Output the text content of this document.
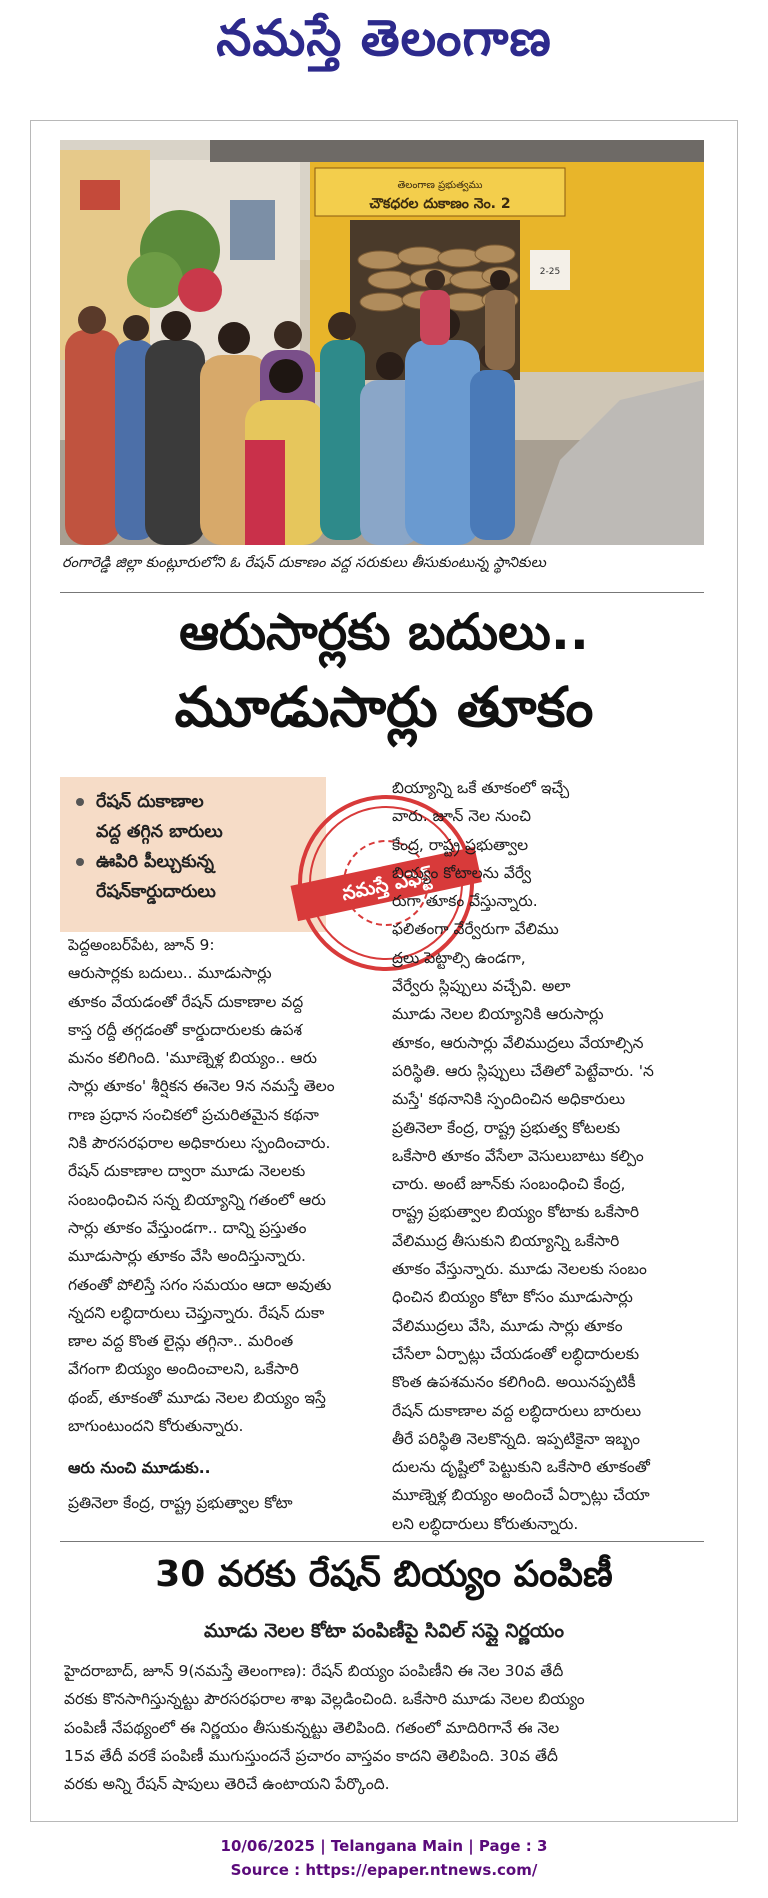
నమస్తే తెలంగాణ
తెలంగాణ ప్రభుత్వము
చౌకధరల దుకాణం నెం. 2
2-25
రంగారెడ్డి జిల్లా కుంట్లూరులోని ఓ రేషన్ దుకాణం వద్ద సరుకులు తీసుకుంటున్న స్థానికులు
ఆరుసార్లకు బదులు..
మూడుసార్లు తూకం
రేషన్ దుకాణాల
వద్ద తగ్గిన బారులు
ఊపిరి పీల్చుకున్న
రేషన్‌కార్డుదారులు	నమస్తే ఎఫెక్ట్
పెద్దఅంబర్‌పేట, జూన్ 9:
ఆరుసార్లకు బదులు.. మూడుసార్లు
తూకం వేయడంతో రేషన్ దుకాణాల వద్ద
కాస్త రద్దీ తగ్గడంతో కార్డుదారులకు ఉపశ
మనం కలిగింది. 'మూణ్నెళ్ల బియ్యం.. ఆరు
సార్లు తూకం' శీర్షికన ఈనెల 9న నమస్తే తెలం
గాణ ప్రధాన సంచికలో ప్రచురితమైన కథనా
నికి పౌరసరఫరాల అధికారులు స్పందించారు.
రేషన్ దుకాణాల ద్వారా మూడు నెలలకు
సంబంధించిన సన్న బియ్యాన్ని గతంలో ఆరు
సార్లు తూకం వేస్తుండగా.. దాన్ని ప్రస్తుతం
మూడుసార్లు తూకం వేసి అందిస్తున్నారు.
గతంతో పోలిస్తే సగం సమయం ఆదా అవుతు
న్నదని లబ్ధిదారులు చెప్తున్నారు. రేషన్ దుకా
ణాల వద్ద కొంత లైన్లు తగ్గినా.. మరింత
వేగంగా బియ్యం అందించాలని, ఒకేసారి
థంబ్, తూకంతో మూడు నెలల బియ్యం ఇస్తే
బాగుంటుందని కోరుతున్నారు.
ఆరు నుంచి మూడుకు..
ప్రతినెలా కేంద్ర, రాష్ట్ర ప్రభుత్వాల కోటా
బియ్యాన్ని ఒకే తూకంలో ఇచ్చే
వారు. జూన్ నెల నుంచి
కేంద్ర, రాష్ట్ర ప్రభుత్వాల
బియ్యం కోటాలను వేర్వే
రుగా తూకం వేస్తున్నారు.
ఫలితంగా వేర్వేరుగా వేలిము
ద్రలు పెట్టాల్సి ఉండగా,
వేర్వేరు స్లిప్పులు వచ్చేవి. అలా
మూడు నెలల బియ్యానికి ఆరుసార్లు
తూకం, ఆరుసార్లు వేలిముద్రలు వేయాల్సిన
పరిస్థితి. ఆరు స్లిప్పులు చేతిలో పెట్టేవారు. 'న
మస్తే' కథనానికి స్పందించిన అధికారులు
ప్రతినెలా కేంద్ర, రాష్ట్ర ప్రభుత్వ కోటలకు
ఒకేసారి తూకం వేసేలా వెసులుబాటు కల్పిం
చారు. అంటే జూన్‌కు సంబంధించి కేంద్ర,
రాష్ట్ర ప్రభుత్వాల బియ్యం కోటాకు ఒకేసారి
వేలిముద్ర తీసుకుని బియ్యాన్ని ఒకేసారి
తూకం వేస్తున్నారు. మూడు నెలలకు సంబం
ధించిన బియ్యం కోటా కోసం మూడుసార్లు
వేలిముద్రలు వేసి, మూడు సార్లు తూకం
చేసేలా ఏర్పాట్లు చేయడంతో లబ్ధిదారులకు
కొంత ఉపశమనం కలిగింది. అయినప్పటికీ
రేషన్ దుకాణాల వద్ద లబ్ధిదారులు బారులు
తీరే పరిస్థితి నెలకొన్నది. ఇప్పటికైనా ఇబ్బం
దులను దృష్టిలో పెట్టుకుని ఒకేసారి తూకంతో
మూణ్నెళ్ల బియ్యం అందించే ఏర్పాట్లు చేయా
లని లబ్ధిదారులు కోరుతున్నారు.
30 వరకు రేషన్ బియ్యం పంపిణీ
మూడు నెలల కోటా పంపిణీపై సివిల్ సప్లై నిర్ణయం
హైదరాబాద్, జూన్ 9(నమస్తే తెలంగాణ): రేషన్ బియ్యం పంపిణీని ఈ నెల 30వ తేదీ
వరకు కొనసాగిస్తున్నట్టు పౌరసరఫరాల శాఖ వెల్లడించింది. ఒకేసారి మూడు నెలల బియ్యం
పంపిణీ నేపథ్యంలో ఈ నిర్ణయం తీసుకున్నట్టు తెలిపింది. గతంలో మాదిరిగానే ఈ నెల
15వ తేదీ వరకే పంపిణీ ముగుస్తుందనే ప్రచారం వాస్తవం కాదని తెలిపింది. 30వ తేదీ
వరకు అన్ని రేషన్ షాపులు తెరిచే ఉంటాయని పేర్కొంది.
10/06/2025 | Telangana Main | Page : 3
Source : https://epaper.ntnews.com/
